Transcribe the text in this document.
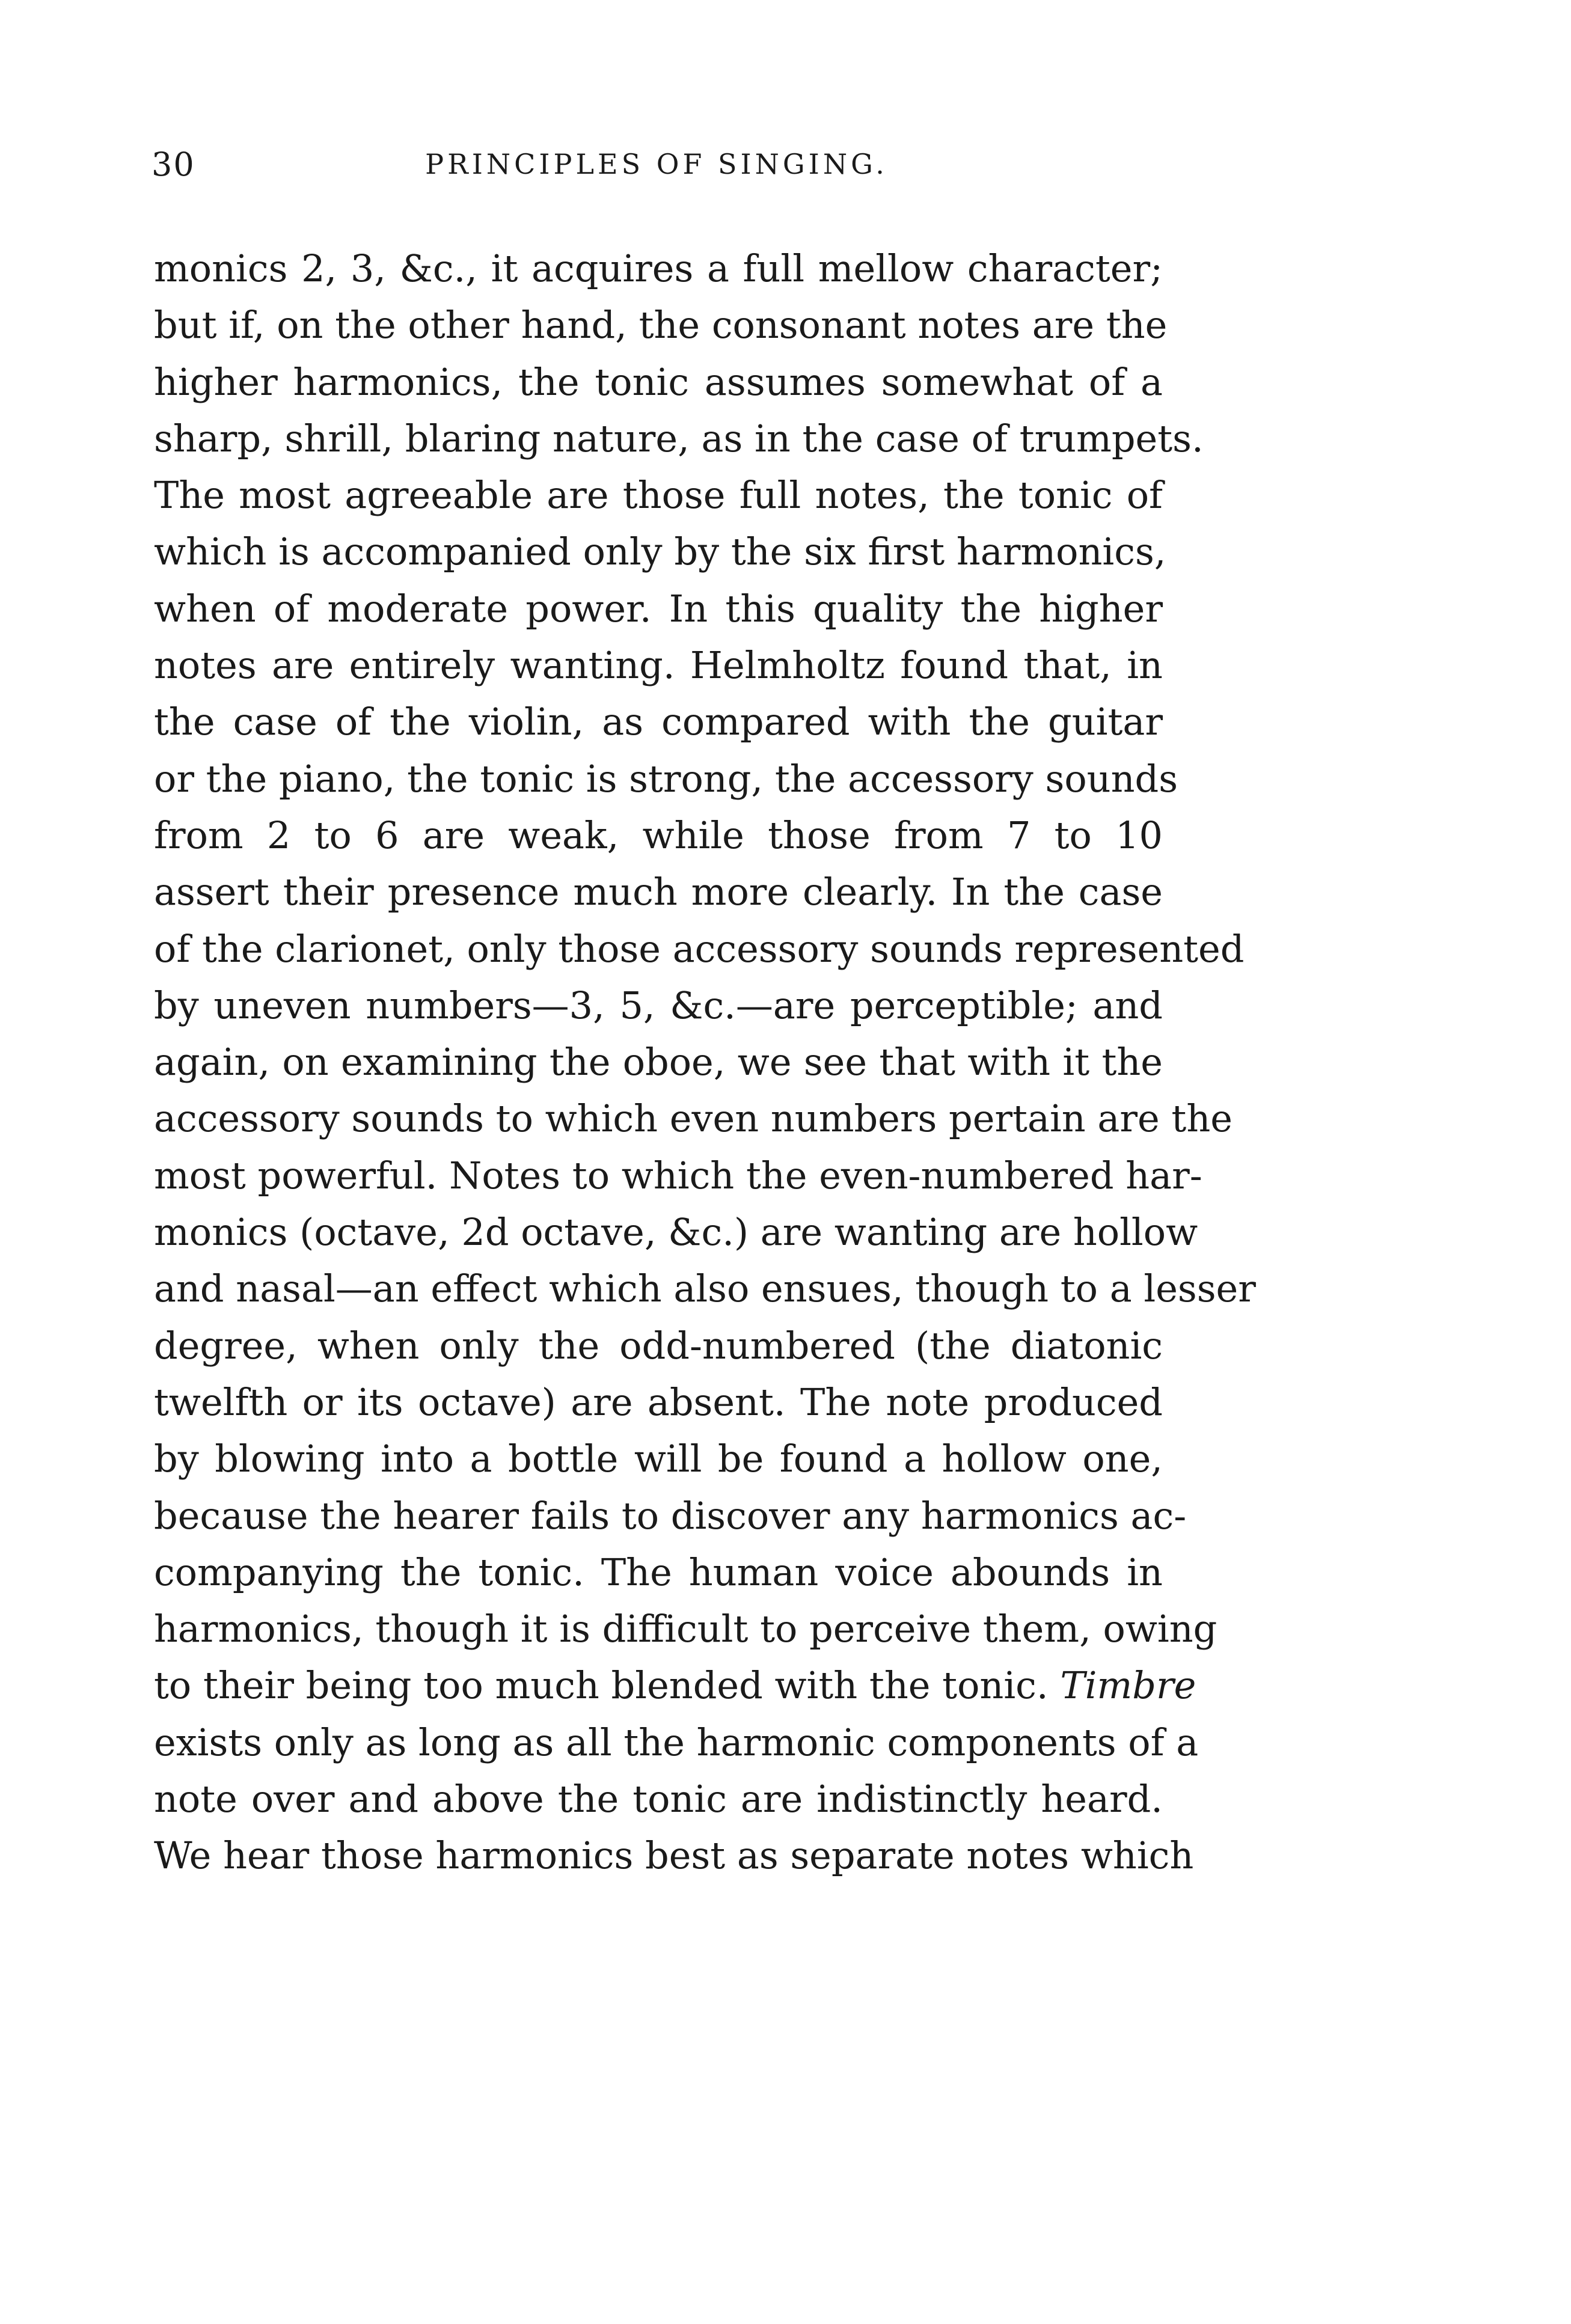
30	PRINCIPLES OF SINGING.
monics 2, 3, &c., it acquires a full mellow character;
but if, on the other hand, the consonant notes are the
higher harmonics, the tonic assumes somewhat of a
sharp, shrill, blaring nature, as in the case of trumpets.
The most agreeable are those full notes, the tonic of
which is accompanied only by the six first harmonics,
when of moderate power. In this quality the higher
notes are entirely wanting. Helmholtz found that, in
the case of the violin, as compared with the guitar
or the piano, the tonic is strong, the accessory sounds
from 2 to 6 are weak, while those from 7 to 10
assert their presence much more clearly. In the case
of the clarionet, only those accessory sounds represented
by uneven numbers—3, 5, &c.—are perceptible; and
again, on examining the oboe, we see that with it the
accessory sounds to which even numbers pertain are the
most powerful. Notes to which the even-numbered har-
monics (octave, 2d octave, &c.) are wanting are hollow
and nasal—an effect which also ensues, though to a lesser
degree, when only the odd-numbered (the diatonic
twelfth or its octave) are absent. The note produced
by blowing into a bottle will be found a hollow one,
because the hearer fails to discover any harmonics ac-
companying the tonic. The human voice abounds in
harmonics, though it is difficult to perceive them, owing
to their being too much blended with the tonic. Timbre
exists only as long as all the harmonic components of a
note over and above the tonic are indistinctly heard.
We hear those harmonics best as separate notes which
